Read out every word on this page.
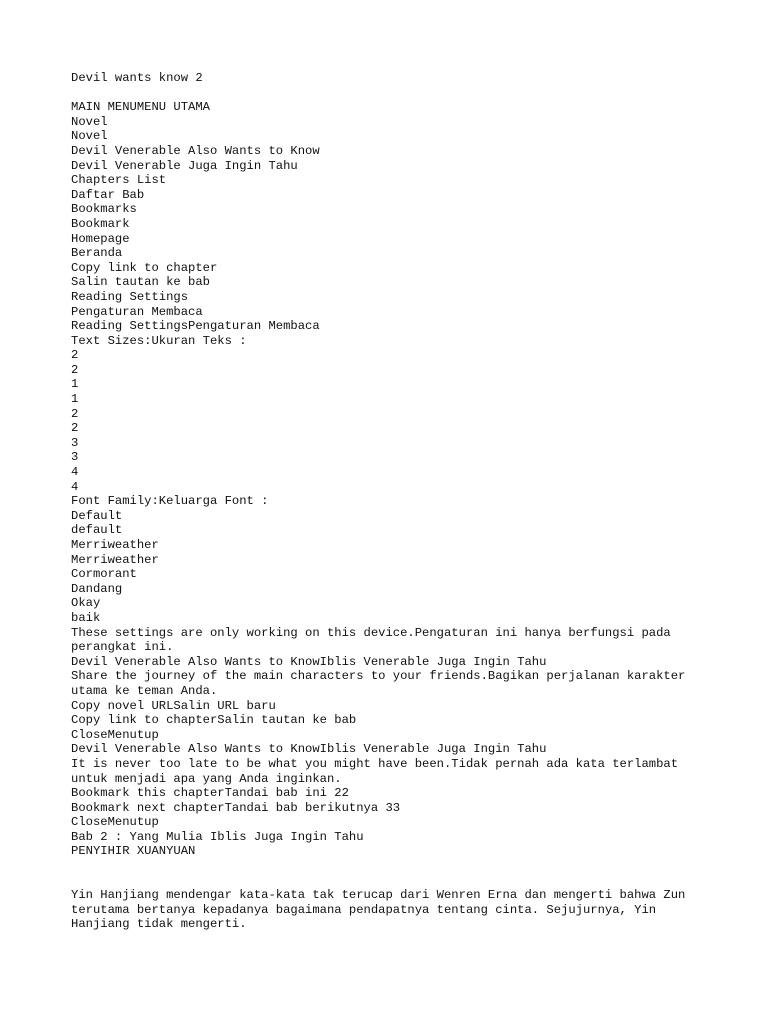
Devil wants know 2
MAIN MENUMENU UTAMA
Novel
Novel
Devil Venerable Also Wants to Know
Devil Venerable Juga Ingin Tahu
Chapters List
Daftar Bab
Bookmarks
Bookmark
Homepage
Beranda
Copy link to chapter
Salin tautan ke bab
Reading Settings
Pengaturan Membaca
Reading SettingsPengaturan Membaca
Text Sizes:Ukuran Teks :
2
2
1
1
2
2
3
3
4
4
Font Family:Keluarga Font :
Default
default
Merriweather
Merriweather
Cormorant
Dandang
Okay
baik
These settings are only working on this device.Pengaturan ini hanya berfungsi pada perangkat ini.
Devil Venerable Also Wants to KnowIblis Venerable Juga Ingin Tahu
Share the journey of the main characters to your friends.Bagikan perjalanan karakter utama ke teman Anda.
Copy novel URLSalin URL baru
Copy link to chapterSalin tautan ke bab
CloseMenutup
Devil Venerable Also Wants to KnowIblis Venerable Juga Ingin Tahu
It is never too late to be what you might have been.Tidak pernah ada kata terlambat untuk menjadi apa yang Anda inginkan.
Bookmark this chapterTandai bab ini 22
Bookmark next chapterTandai bab berikutnya 33
CloseMenutup
Bab 2 : Yang Mulia Iblis Juga Ingin Tahu
PENYIHIR XUANYUAN
Yin Hanjiang mendengar kata-kata tak terucap dari Wenren Erna dan mengerti bahwa Zun terutama bertanya kepadanya bagaimana pendapatnya tentang cinta. Sejujurnya, Yin Hanjiang tidak mengerti.
